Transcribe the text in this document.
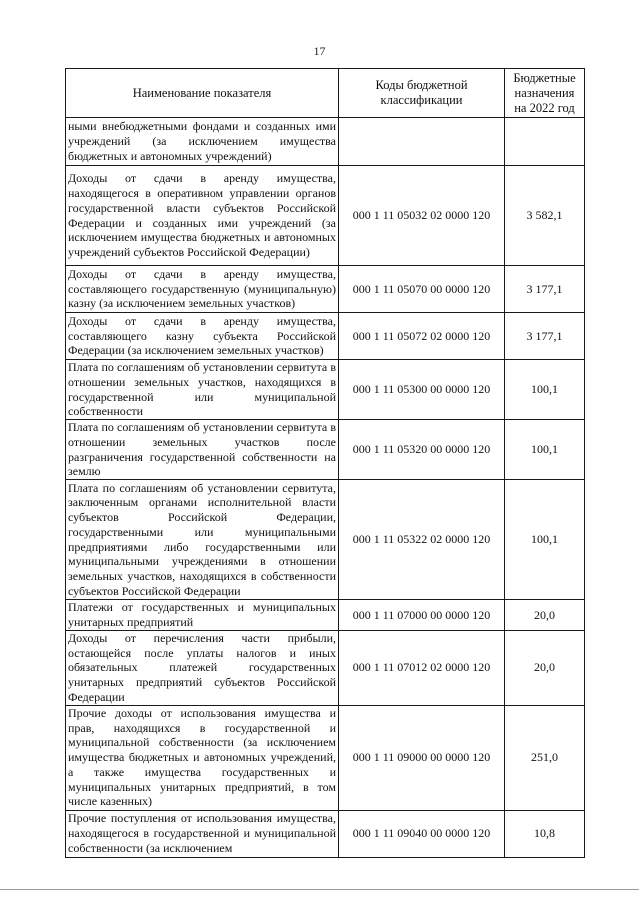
17
Наименование показателя	Коды бюджетной классификации	Бюджетные назначения на 2022 год
ными внебюджетными фондами и созданных ими учреждений (за исключением имущества бюджетных и автономных учреждений)		
Доходы от сдачи в аренду имущества, находящегося в оперативном управлении органов государственной власти субъектов Российской Федерации и созданных ими учреждений (за исключением имущества бюджетных и автономных учреждений субъектов Российской Федерации)	000 1 11 05032 02 0000 120	3 582,1
Доходы от сдачи в аренду имущества, составляющего государственную (муниципальную) казну (за исключением земельных участков)	000 1 11 05070 00 0000 120	3 177,1
Доходы от сдачи в аренду имущества, составляющего казну субъекта Российской Федерации (за исключением земельных участков)	000 1 11 05072 02 0000 120	3 177,1
Плата по соглашениям об установлении сервитута в отношении земельных участков, находящихся в государственной или муниципальной собственности	000 1 11 05300 00 0000 120	100,1
Плата по соглашениям об установлении сервитута в отношении земельных участков после разграничения государственной собственности на землю	000 1 11 05320 00 0000 120	100,1
Плата по соглашениям об установлении сервитута, заключенным органами исполнительной власти субъектов Российской Федерации, государственными или муниципальными предприятиями либо государственными или муниципальными учреждениями в отношении земельных участков, находящихся в собственности субъектов Российской Федерации	000 1 11 05322 02 0000 120	100,1
Платежи от государственных и муниципальных унитарных предприятий	000 1 11 07000 00 0000 120	20,0
Доходы от перечисления части прибыли, остающейся после уплаты налогов и иных обязательных платежей государственных унитарных предприятий субъектов Российской Федерации	000 1 11 07012 02 0000 120	20,0
Прочие доходы от использования имущества и прав, находящихся в государственной и муниципальной собственности (за исключением имущества бюджетных и автономных учреждений, а также имущества государственных и муниципальных унитарных предприятий, в том числе казенных)	000 1 11 09000 00 0000 120	251,0
Прочие поступления от использования имущества, находящегося в государственной и муниципальной собственности (за исключением	000 1 11 09040 00 0000 120	10,8
